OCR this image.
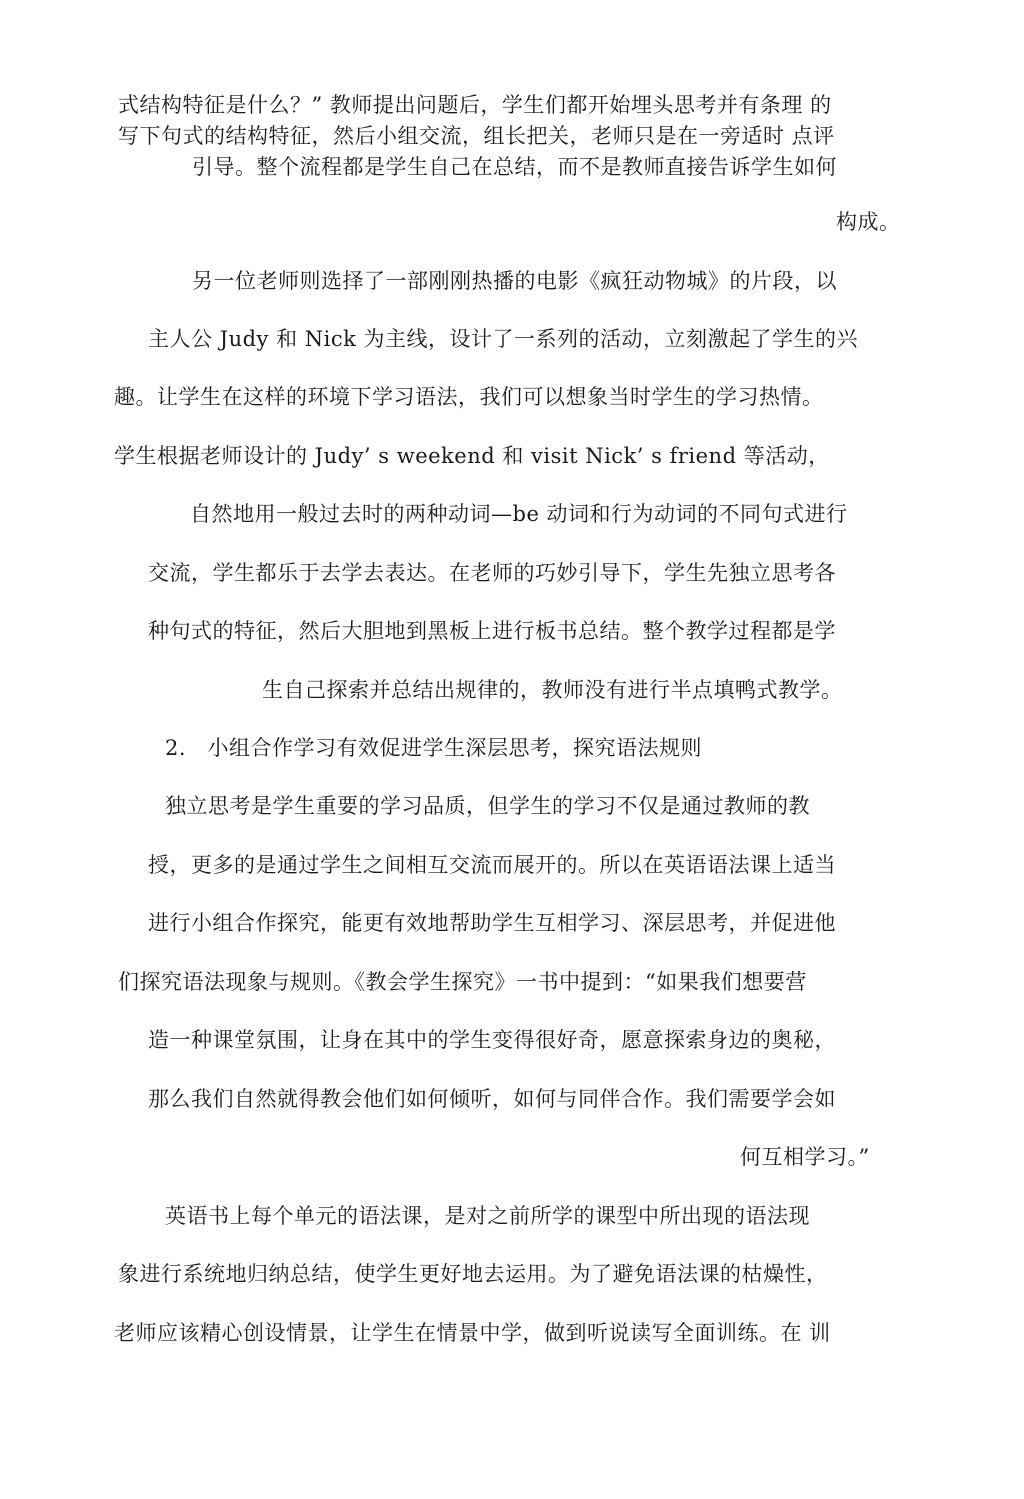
式结构特征是什么？” 教师提出问题后，学生们都开始埋头思考并有条理 的
写下句式的结构特征，然后小组交流，组长把关，老师只是在一旁适时 点评
引导。整个流程都是学生自己在总结，而不是教师直接告诉学生如何
构成。
另一位老师则选择了一部刚刚热播的电影《疯狂动物城》的片段，以
主人公 Judy 和 Nick 为主线，设计了一系列的活动，立刻激起了学生的兴
趣。让学生在这样的环境下学习语法，我们可以想象当时学生的学习热情。
学生根据老师设计的 Judy’ s weekend 和 visit Nick’ s friend 等活动，
自然地用一般过去时的两种动词—be 动词和行为动词的不同句式进行
交流，学生都乐于去学去表达。在老师的巧妙引导下，学生先独立思考各
种句式的特征，然后大胆地到黑板上进行板书总结。整个教学过程都是学
生自己探索并总结出规律的，教师没有进行半点填鸭式教学。
2.　小组合作学习有效促进学生深层思考，探究语法规则
独立思考是学生重要的学习品质，但学生的学习不仅是通过教师的教
授，更多的是通过学生之间相互交流而展开的。所以在英语语法课上适当
进行小组合作探究，能更有效地帮助学生互相学习、深层思考，并促进他
们探究语法现象与规则。《教会学生探究》一书中提到：“如果我们想要营
造一种课堂氛围，让身在其中的学生变得很好奇，愿意探索身边的奥秘，
那么我们自然就得教会他们如何倾听，如何与同伴合作。我们需要学会如
何互相学习。”
英语书上每个单元的语法课，是对之前所学的课型中所出现的语法现
象进行系统地归纳总结，使学生更好地去运用。为了避免语法课的枯燥性，
老师应该精心创设情景，让学生在情景中学，做到听说读写全面训练。在 训
